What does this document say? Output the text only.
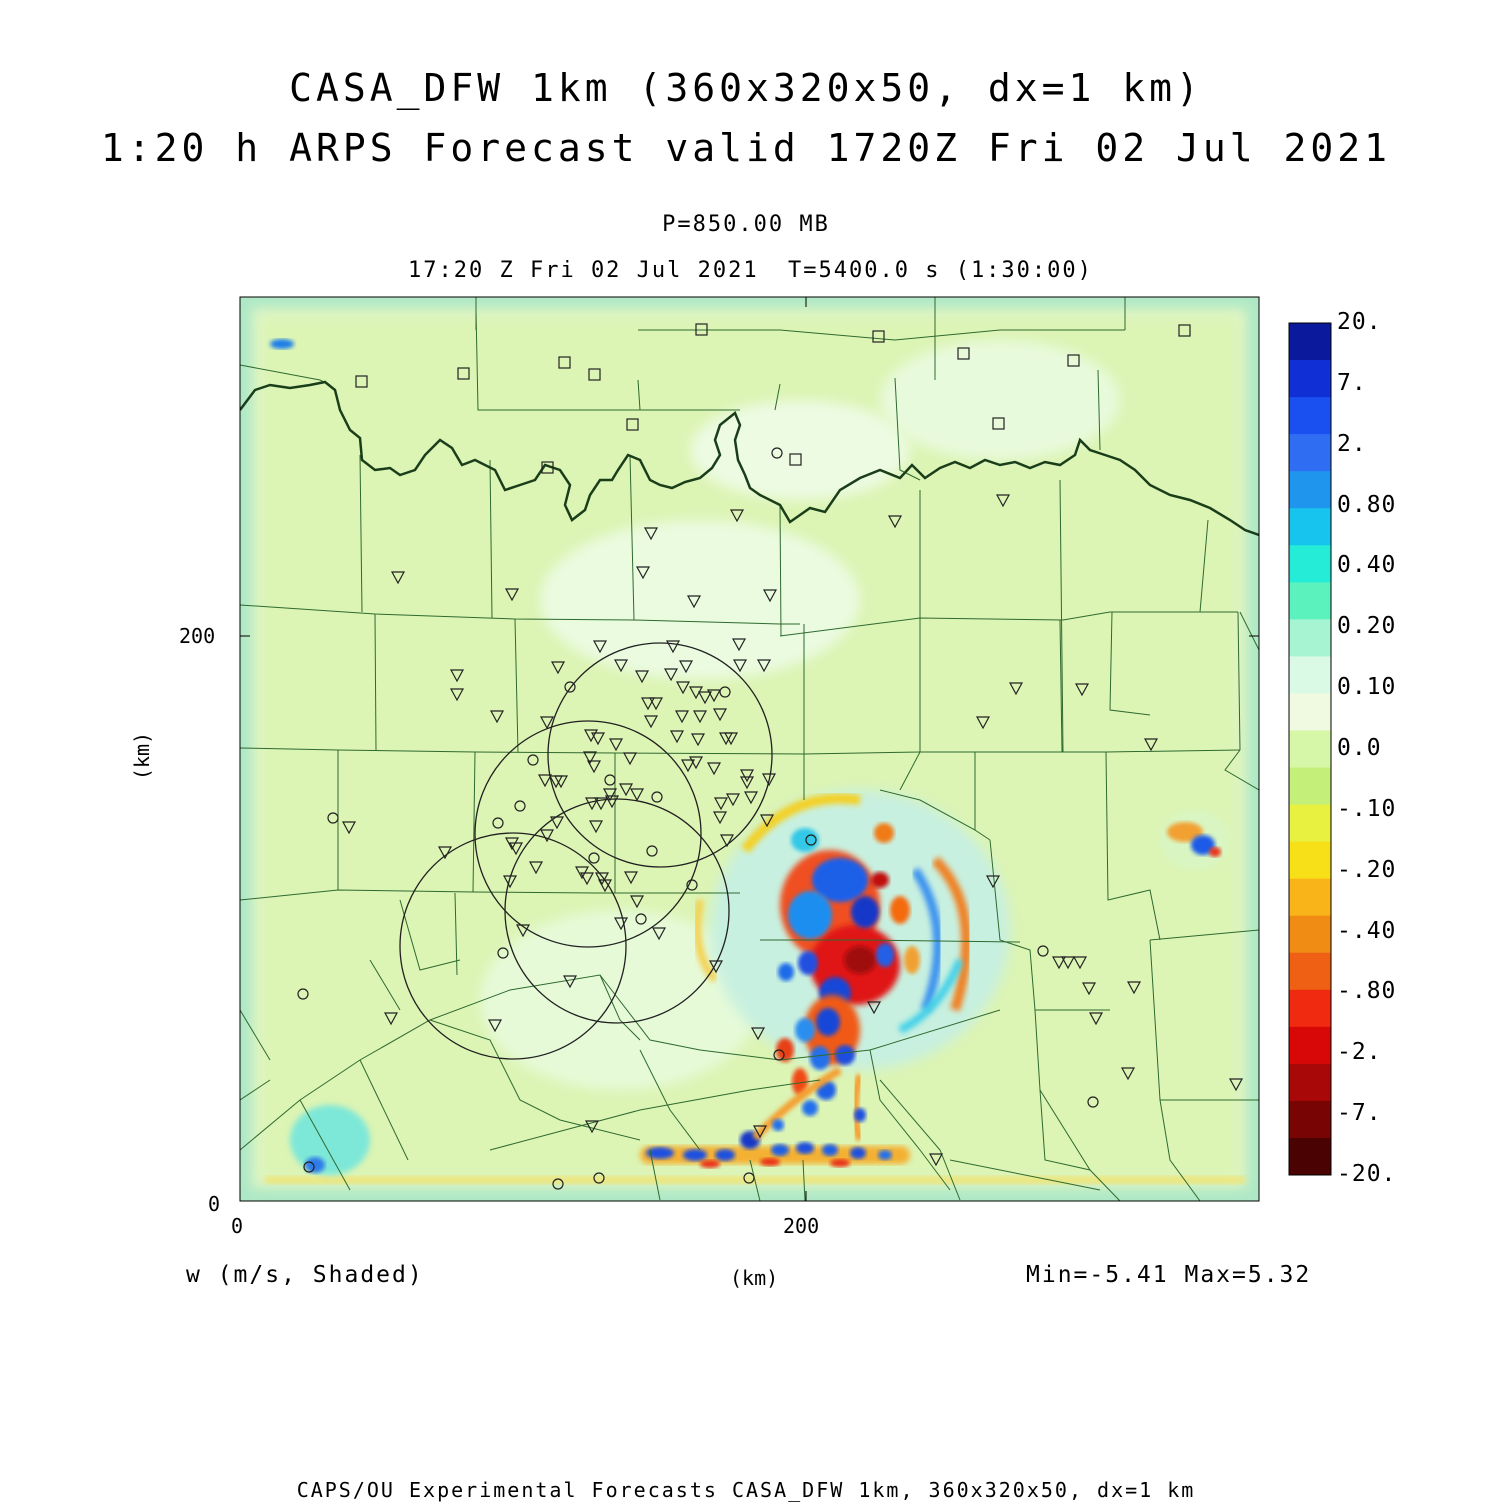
CASA_DFW 1km (360x320x50, dx=1 km)
1:20 h ARPS Forecast valid 1720Z Fri 02 Jul 2021
P=850.00 MB
17:20 Z Fri 02 Jul 2021 T=5400.0 s (1:30:00)
200
0
0	200
(km)
(km)
w (m/s, Shaded)	Min=-5.41 Max=5.32
CAPS/OU Experimental Forecasts CASA_DFW 1km, 360x320x50, dx=1 km
20.
7.
2.
0.80
0.40
0.20
0.10
0.0
-.10
-.20
-.40
-.80
-2.
-7.
-20.
